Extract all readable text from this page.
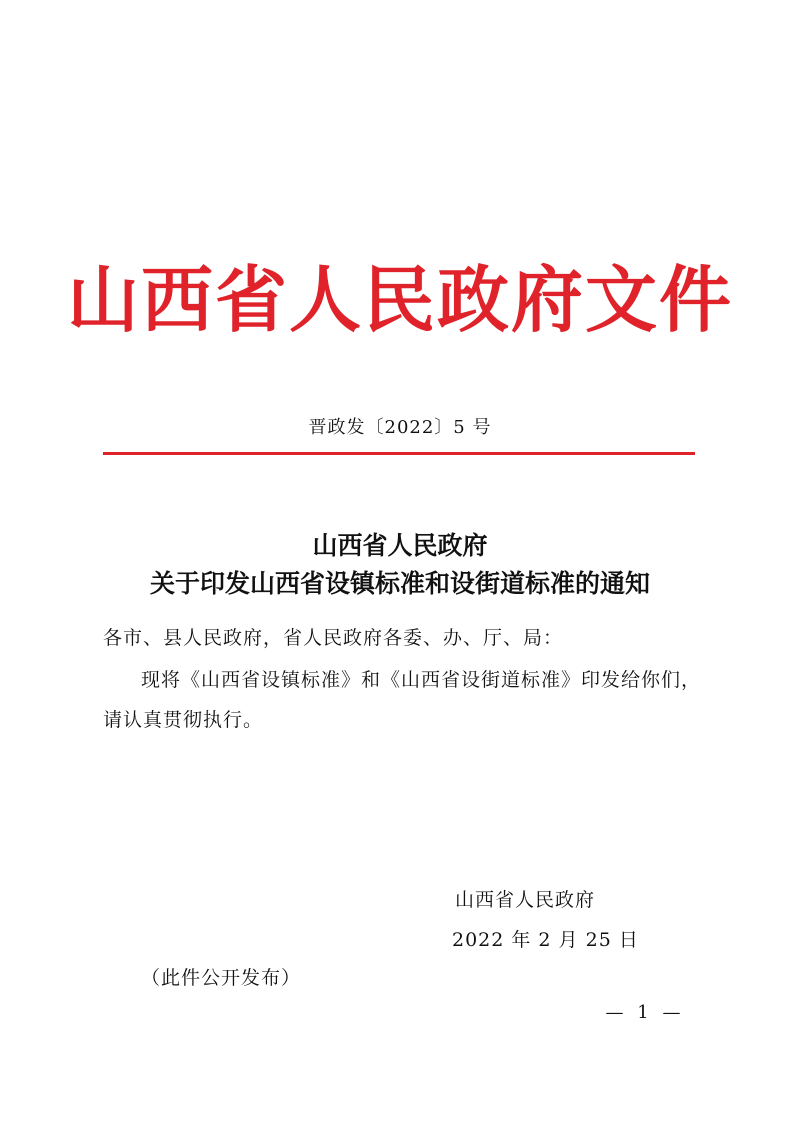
山西省人民政府文件
晋政发〔2022〕5 号
山西省人民政府
关于印发山西省设镇标准和设街道标准的通知
各市、县人民政府，省人民政府各委、办、厅、局：
现将《山西省设镇标准》和《山西省设街道标准》印发给你们，
请认真贯彻执行。
山西省人民政府
2022 年 2 月 25 日
（此件公开发布）
— 1 —
